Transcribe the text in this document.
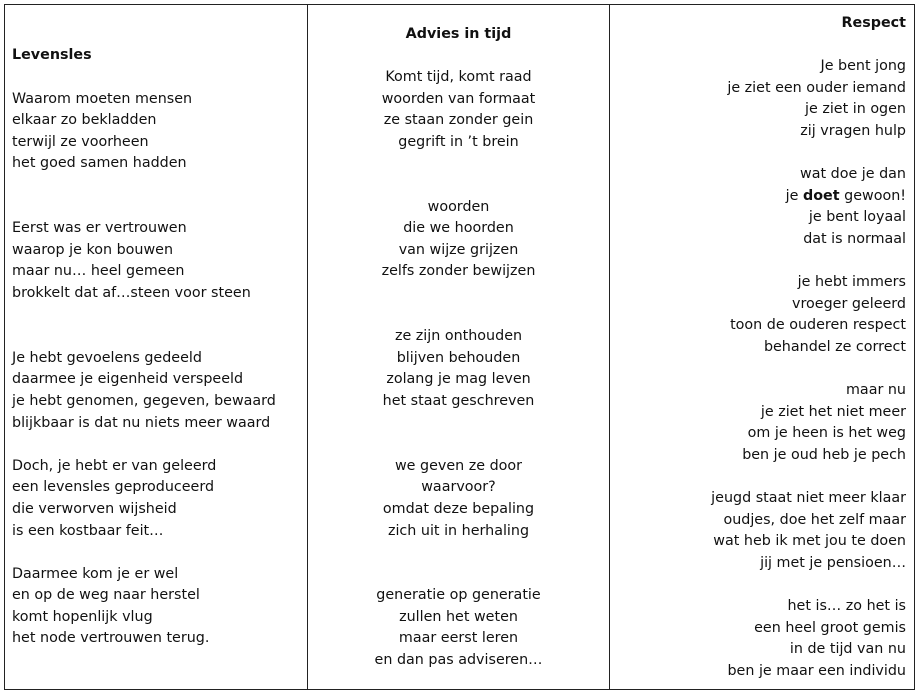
Levensles
Waarom moeten mensen
elkaar zo bekladden
terwijl ze voorheen
het goed samen hadden
Eerst was er vertrouwen
waarop je kon bouwen
maar nu… heel gemeen
brokkelt dat af…steen voor steen
Je hebt gevoelens gedeeld
daarmee je eigenheid verspeeld
je hebt genomen, gegeven, bewaard
blijkbaar is dat nu niets meer waard
Doch, je hebt er van geleerd
een levensles geproduceerd
die verworven wijsheid
is een kostbaar feit…
Daarmee kom je er wel
en op de weg naar herstel
komt hopenlijk vlug
het node vertrouwen terug.
Advies in tijd
Komt tijd, komt raad
woorden van formaat
ze staan zonder gein
gegrift in ’t brein
woorden
die we hoorden
van wijze grijzen
zelfs zonder bewijzen
ze zijn onthouden
blijven behouden
zolang je mag leven
het staat geschreven
we geven ze door
waarvoor?
omdat deze bepaling
zich uit in herhaling
generatie op generatie
zullen het weten
maar eerst leren
en dan pas adviseren…
Respect
Je bent jong
je ziet een ouder iemand
je ziet in ogen
zij vragen hulp
wat doe je dan
je doet gewoon!
je bent loyaal
dat is normaal
je hebt immers
vroeger geleerd
toon de ouderen respect
behandel ze correct
maar nu
je ziet het niet meer
om je heen is het weg
ben je oud heb je pech
jeugd staat niet meer klaar
oudjes, doe het zelf maar
wat heb ik met jou te doen
jij met je pensioen…
het is… zo het is
een heel groot gemis
in de tijd van nu
ben je maar een individu
